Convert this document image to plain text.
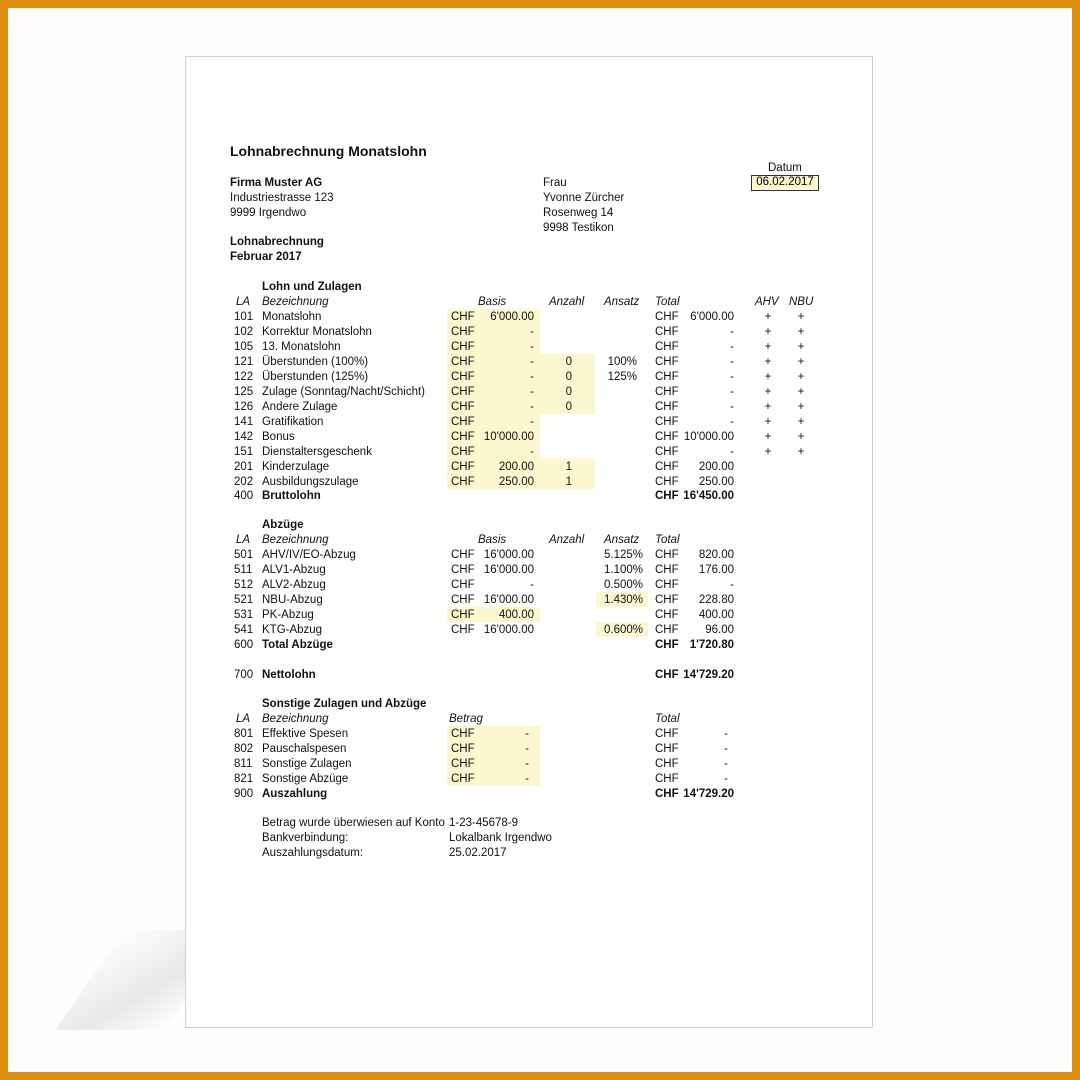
Lohnabrechnung Monatslohn
Datum
06.02.2017
Firma Muster AG
Industriestrasse 123
9999 Irgendwo
Frau
Yvonne Zürcher
Rosenweg 14
9998 Testikon
Lohnabrechnung
Februar 2017
Lohn und Zulagen
LA Bezeichnung	Basis	Anzahl Ansatz Total	AHV NBU
101 Monatslohn	CHF	6'000.00	CHF	6'000.00	+ +
102 Korrektur Monatslohn	CHF	-	CHF	-	+ +
105 13. Monatslohn	CHF	-	CHF	-	+ +
121 Überstunden (100%)	CHF	-	0	100% CHF	-	+ +
122 Überstunden (125%)	CHF	-	0	125% CHF	-	+ +
125 Zulage (Sonntag/Nacht/Schicht) CHF	-	0	CHF	-	+ +
126 Andere Zulage	CHF	-	0	CHF	-	+ +
141 Gratifikation	CHF	-	CHF	-	+ +
142 Bonus	CHF 10'000.00	CHF 10'000.00	+ +
151 Dienstaltersgeschenk	CHF	-	CHF	-	+ +
201 Kinderzulage	CHF	200.00	1	CHF	200.00
202 Ausbildungszulage	CHF	250.00	1	CHF	250.00
400 Bruttolohn	CHF 16'450.00
Abzüge
LA Bezeichnung	Basis	Anzahl Ansatz Total
501 AHV/IV/EO-Abzug	CHF 16'000.00	5.125% CHF	820.00
511 ALV1-Abzug	CHF 16'000.00	1.100% CHF	176.00
512 ALV2-Abzug	CHF	-	0.500% CHF	-
521 NBU-Abzug	CHF 16'000.00	1.430% CHF	228.80
531 PK-Abzug	CHF	400.00	CHF	400.00
541 KTG-Abzug	CHF 16'000.00	0.600% CHF	96.00
600 Total Abzüge	CHF 1'720.80
700 Nettolohn	CHF 14'729.20
Sonstige Zulagen und Abzüge
LA Bezeichnung	Betrag	Total
801 Effektive Spesen	CHF	-	CHF	-
802 Pauschalspesen	CHF	-	CHF	-
811 Sonstige Zulagen	CHF	-	CHF	-
821 Sonstige Abzüge	CHF	-	CHF	-
900 Auszahlung	CHF 14'729.20
Betrag wurde überwiesen auf Konto 1-23-45678-9
Bankverbindung:	Lokalbank Irgendwo
Auszahlungsdatum:	25.02.2017
